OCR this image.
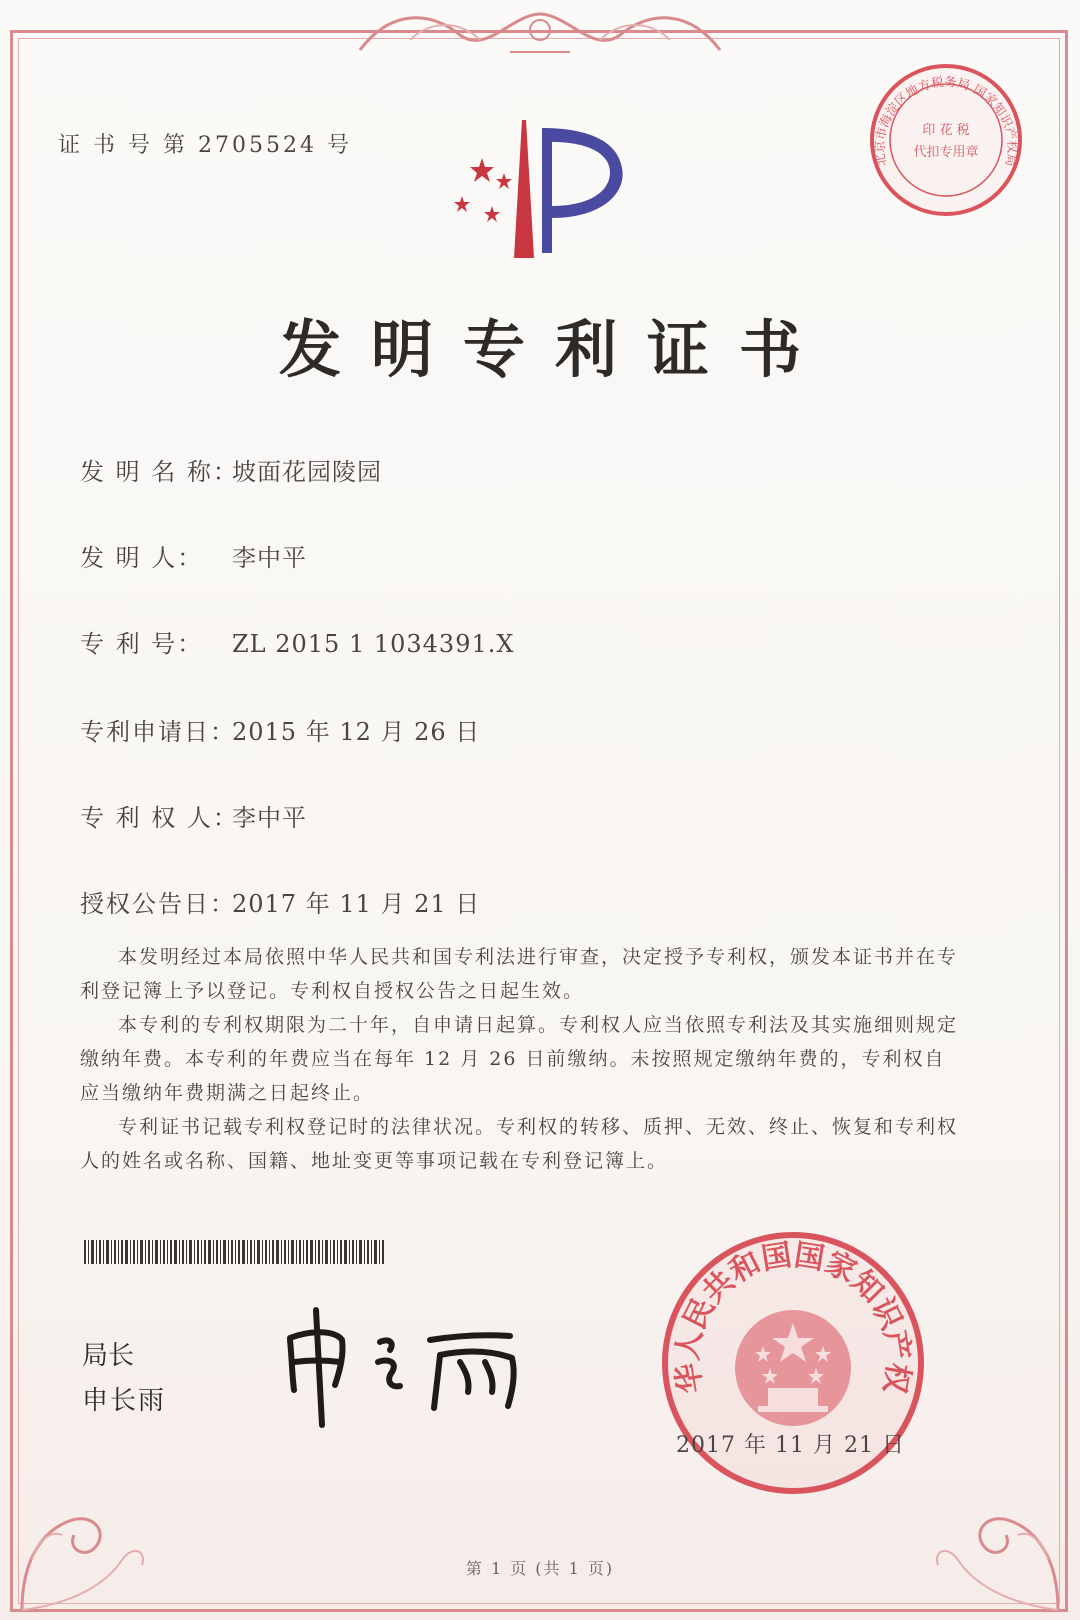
证 书 号 第 2705524 号
发明专利证书
发 明 名 称：坡面花园陵园
发 明 人： 李中平
专 利 号： ZL 2015 1 1034391.X
专利申请日：2015 年 12 月 26 日
专 利 权 人：李中平
授权公告日：2017 年 11 月 21 日

本发明经过本局依照中华人民共和国专利法进行审查，决定授予专利权，颁发本证书并在专利登记簿上予以登记。专利权自授权公告之日起生效。

本专利的专利权期限为二十年，自申请日起算。专利权人应当依照专利法及其实施细则规定缴纳年费。本专利的年费应当在每年 12 月 26 日前缴纳。未按照规定缴纳年费的，专利权自应当缴纳年费期满之日起终止。

专利证书记载专利权登记时的法律状况。专利权的转移、质押、无效、终止、恢复和专利权人的姓名或名称、国籍、地址变更等事项记载在专利登记簿上。

局长
申长雨
华人民共和国国家知识产权
北京市海淀区地方税务局 国家知识产权局
印 花 税
代扣专用章
2017 年 11 月 21 日
第 1 页 (共 1 页)
